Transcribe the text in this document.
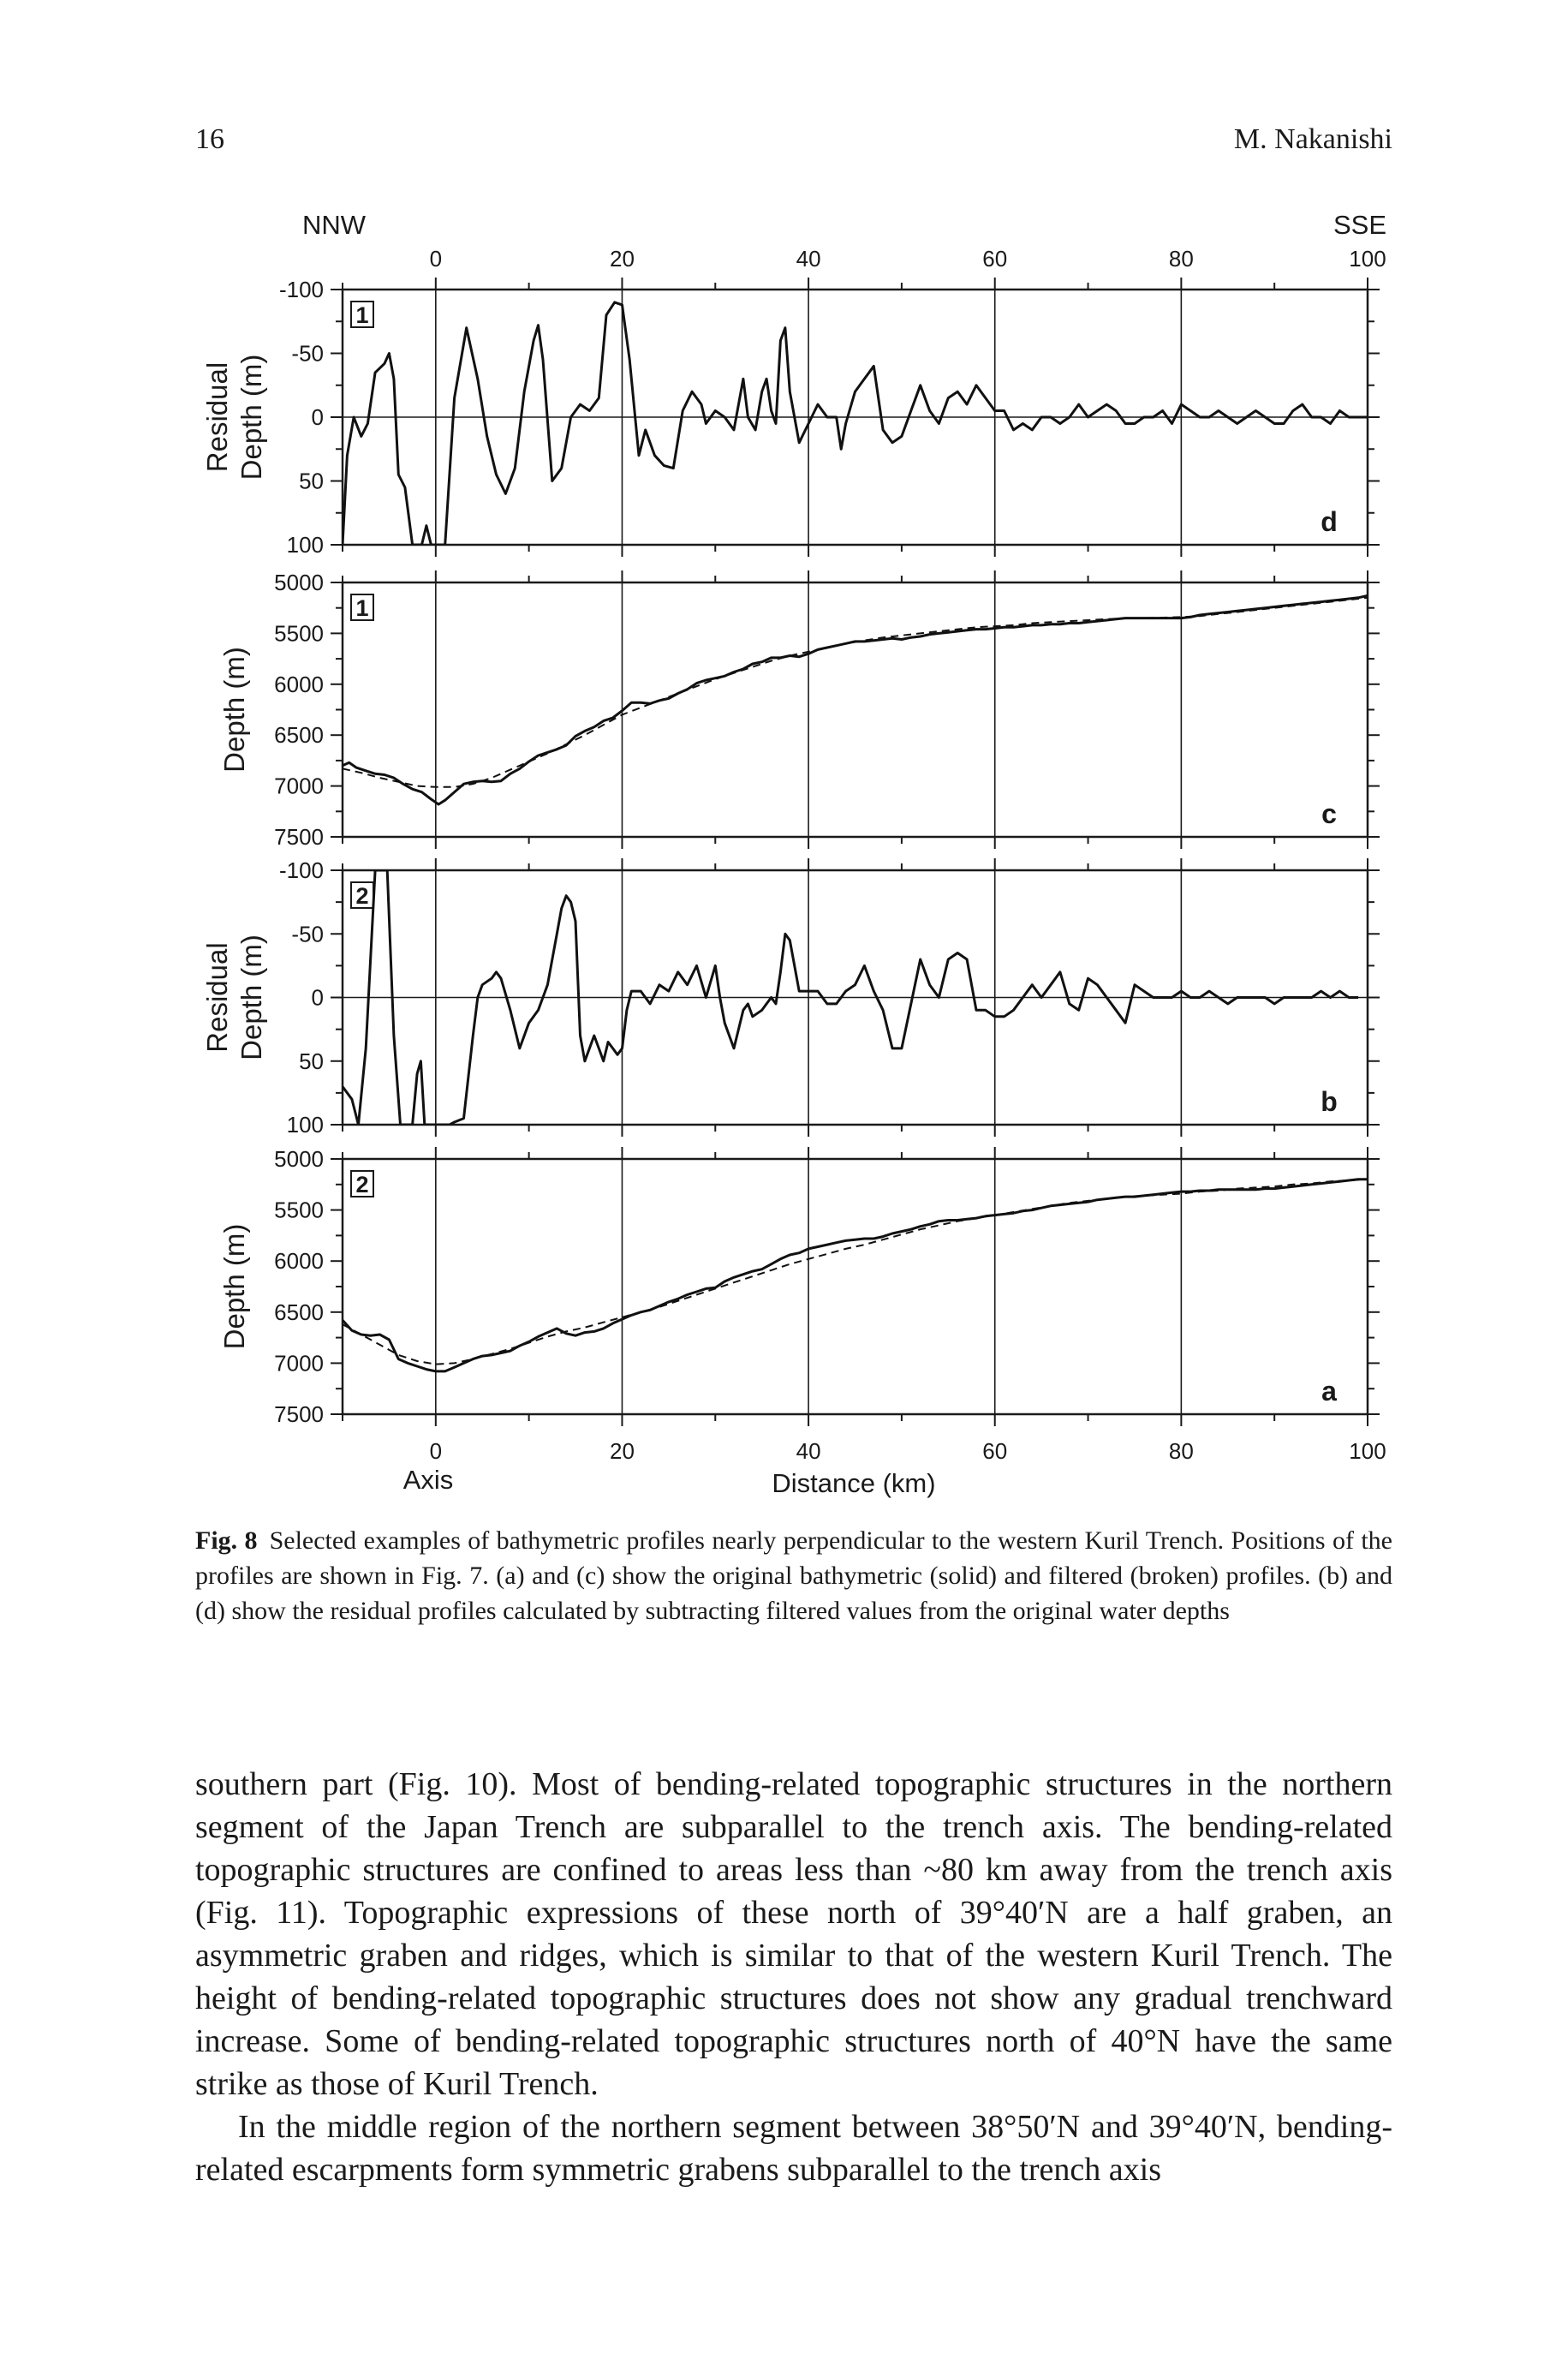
16	M. Nakanishi
-100
-50
0
50
100
Residual Depth (m)
1
d
5000
5500
6000
6500
7000
7500
Depth (m)
1
c
-100
-50
0
50
100
Residual Depth (m)
2
b
5000
5500
6000
6500
7000
7500
Depth (m)
2
a
0	20	40	60	80	100
NNW	SSE
0	20	40	60	80	100
Axis	Distance (km)
Fig. 8 Selected examples of bathymetric profiles nearly perpendicular to the western Kuril Trench. Positions of the profiles are shown in Fig. 7. (a) and (c) show the original bathymetric (solid) and filtered (broken) profiles. (b) and (d) show the residual profiles calculated by subtracting filtered values from the original water depths

southern part (Fig. 10). Most of bending-related topographic structures in the northern segment of the Japan Trench are subparallel to the trench axis. The bending-related topographic structures are confined to areas less than ~80 km away from the trench axis (Fig. 11). Topographic expressions of these north of 39°40′N are a half graben, an asymmetric graben and ridges, which is similar to that of the western Kuril Trench. The height of bending-related topographic structures does not show any gradual trenchward increase. Some of bending-related topographic structures north of 40°N have the same strike as those of Kuril Trench.

In the middle region of the northern segment between 38°50′N and 39°40′N, bending-related escarpments form symmetric grabens subparallel to the trench axis
